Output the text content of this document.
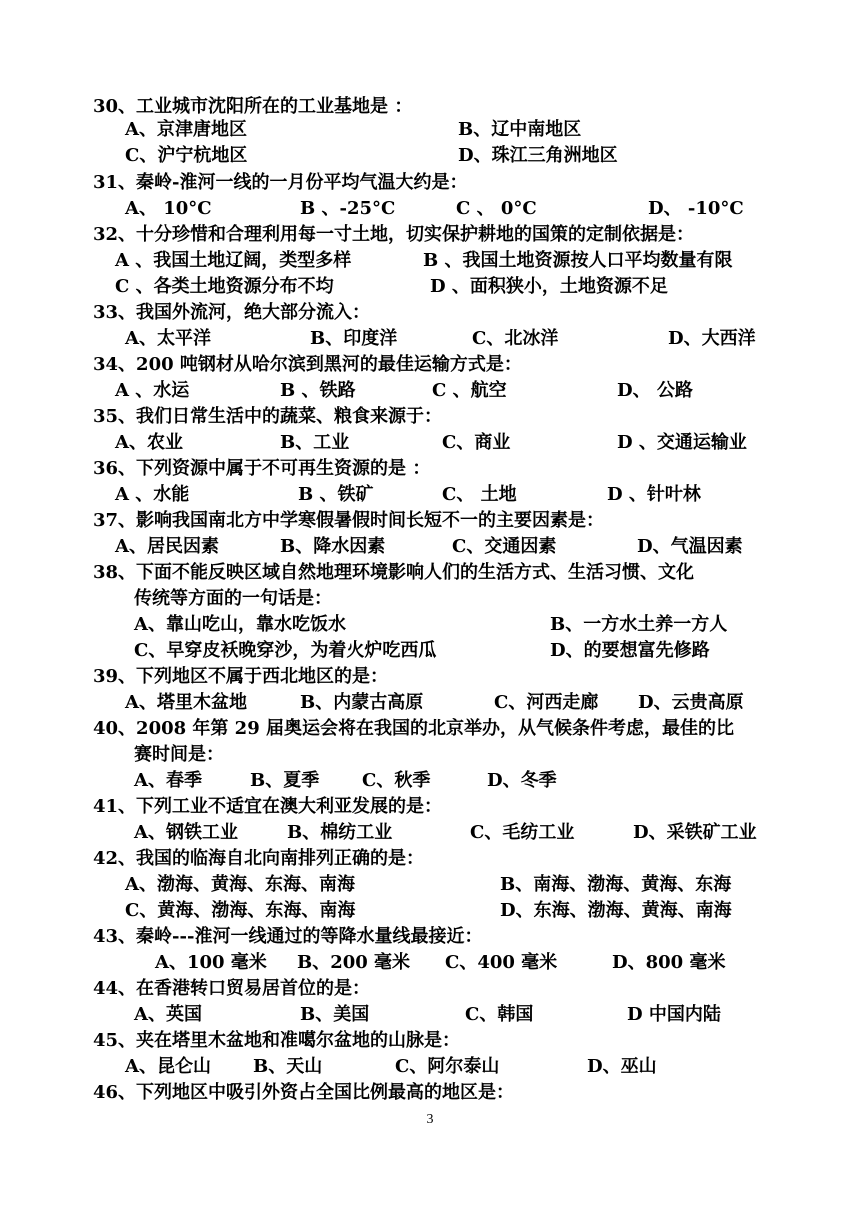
30、工业城市沈阳所在的工业基地是 ：
A、京津唐地区	B、辽中南地区
C、沪宁杭地区	D、珠江三角洲地区
31、秦岭-淮河一线的一月份平均气温大约是：
A、 10°C	B 、-25°C	C 、 0°C	D、 -10°C
32、十分珍惜和合理利用每一寸土地，切实保护耕地的国策的定制依据是：
A 、我国土地辽阔，类型多样	B 、我国土地资源按人口平均数量有限
C 、各类土地资源分布不均	D 、面积狭小，土地资源不足
33、我国外流河，绝大部分流入：
A、太平洋	B、印度洋	C、北冰洋	D、大西洋
34、200 吨钢材从哈尔滨到黑河的最佳运输方式是：
A 、水运	B 、铁路	C 、航空	D、 公路
35、我们日常生活中的蔬菜、粮食来源于：
A、农业	B、工业	C、商业	D 、交通运输业
36、下列资源中属于不可再生资源的是 ：
A 、水能	B 、铁矿	C、 土地	D 、针叶林
37、影响我国南北方中学寒假暑假时间长短不一的主要因素是：
A、居民因素	B、降水因素	C、交通因素	D、气温因素
38、下面不能反映区域自然地理环境影响人们的生活方式、生活习惯、文化
传统等方面的一句话是：
A、靠山吃山，靠水吃饭水	B、一方水土养一方人
C、早穿皮袄晚穿沙，为着火炉吃西瓜	D、的要想富先修路
39、下列地区不属于西北地区的是：
A、塔里木盆地	B、内蒙古高原	C、河西走廊 D、云贵高原
40、2008 年第 29 届奥运会将在我国的北京举办，从气候条件考虑，最佳的比
赛时间是：
A、春季	B、夏季 C、秋季	D、冬季
41、下列工业不适宜在澳大利亚发展的是：
A、钢铁工业	B、棉纺工业	C、毛纺工业	D、采铁矿工业
42、我国的临海自北向南排列正确的是：
A、渤海、黄海、东海、南海	B、南海、渤海、黄海、东海
C、黄海、渤海、东海、南海	D、东海、渤海、黄海、南海
43、秦岭---淮河一线通过的等降水量线最接近：
A、100 毫米 B、200 毫米 C、400 毫米	D、800 毫米
44、在香港转口贸易居首位的是：
A、英国	B、美国	C、韩国	D 中国内陆
45、夹在塔里木盆地和准噶尔盆地的山脉是：
A、昆仑山 B、天山	C、阿尔泰山	D、巫山
46、下列地区中吸引外资占全国比例最高的地区是：
3
